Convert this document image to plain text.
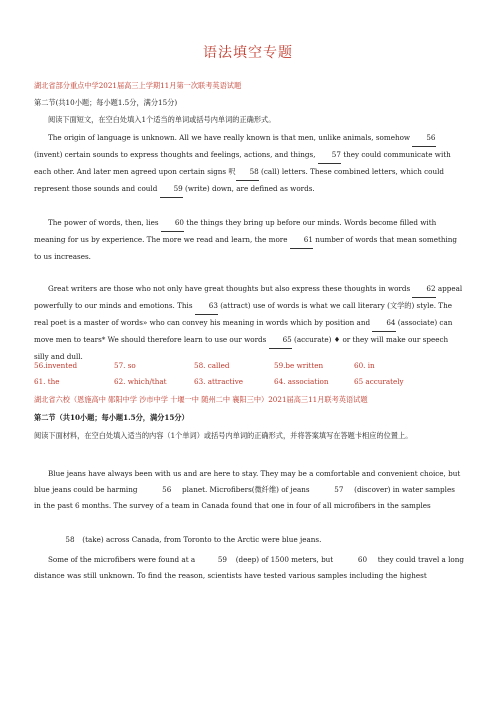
语法填空专题
湖北省部分重点中学2021届高三上学期11月第一次联考英语试题
第二节(共10小题；每小题1.5分，满分15分)
阅读下面短文，在空白处填入1个适当的单词或括号内单词的正确形式。
The origin of language is unknown. All we have really known is that men, unlike animals, somehow 56 (invent) certain sounds to express thoughts and feelings, actions, and things, 57 they could communicate with each other. And later men agreed upon certain signs 呎 58 (call) letters. These combined letters, which could represent those sounds and could 59 (write) down, are defined as words.
The power of words, then, lies 60 the things they bring up before our minds. Words become filled with meaning for us by experience. The more we read and learn, the more 61 number of words that mean something to us increases.
Great writers are those who not only have great thoughts but also express these thoughts in words 62 appeal powerfully to our minds and emotions. This 63 (attract) use of words is what we call literary (文学的) style. The real poet is a master of words» who can convey his meaning in words which by position and 64 (associate) can move men to tears* We should therefore learn to use our words 65 (accurate) ♦ or they will make our speech silly and dull.
56.invented	57. so	58. called	59.be written	60. in
61. the	62. which/that	63. attractive	64. association	65 accurately
湖北省六校（恩施高中 郧阳中学 沙市中学 十堰一中 随州二中 襄阳三中）2021届高三11月联考英语试题
第二节（共10小题；每小题1.5分，满分15分）
阅读下面材料，在空白处填入适当的内容（1个单词）或括号内单词的正确形式，并将答案填写在答题卡相应的位置上。
Blue jeans have always been with us and are here to stay. They may be a comfortable and convenient choice, but blue jeans could be harming	56 planet. Microfibers(微纤维) of jeans	57 (discover) in water samples in the past 6 months. The survey of a team in Canada found that one in four of all microfibers in the samples
58 (take) across Canada, from Toronto to the Arctic were blue jeans.
Some of the microfibers were found at a	59 (deep) of 1500 meters, but	60 they could travel a long distance was still unknown. To find the reason, scientists have tested various samples including the highest
